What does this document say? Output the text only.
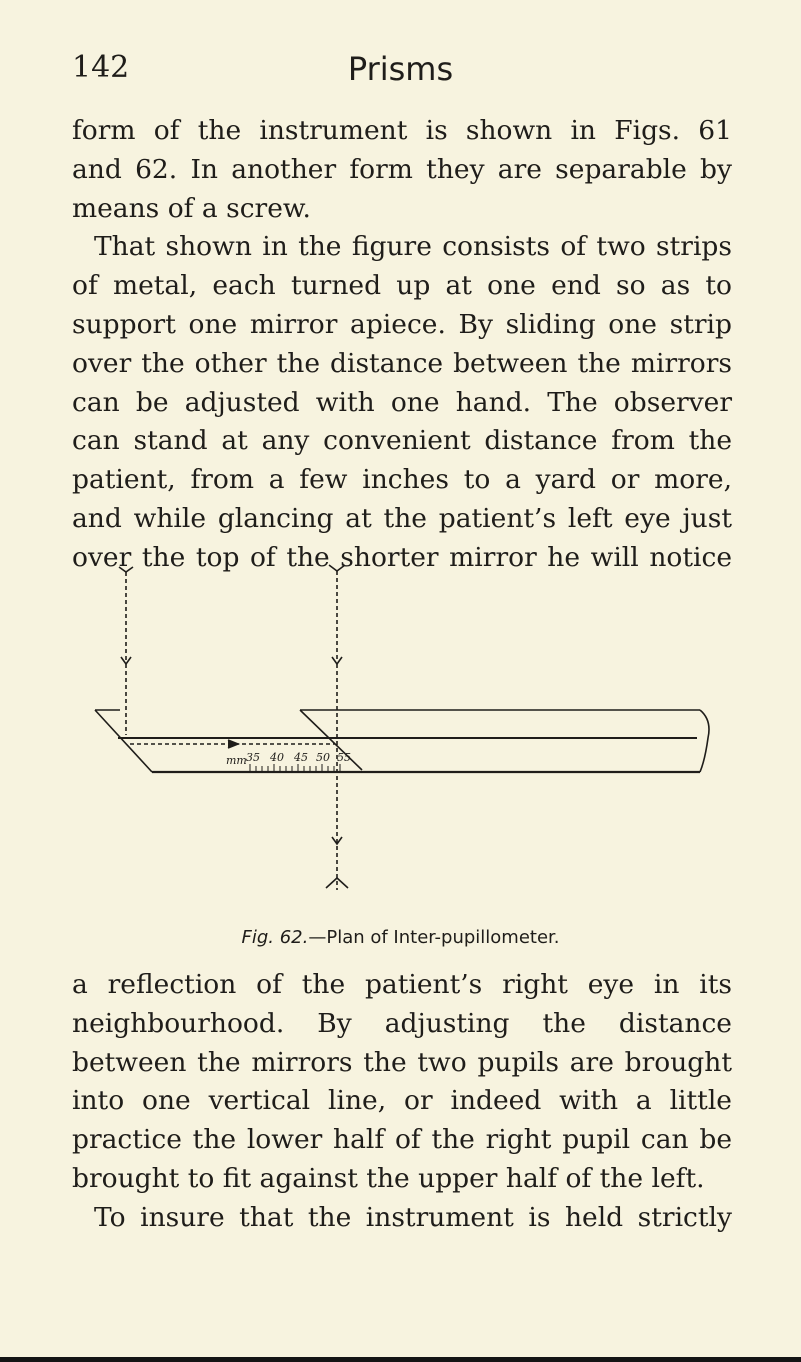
142	Prisms
form of the instrument is shown in Figs. 61
and 62. In another form they are separable by
means of a screw.
That shown in the figure consists of two strips
of metal, each turned up at one end so as to
support one mirror apiece. By sliding one strip
over the other the distance between the mirrors
can be adjusted with one hand. The observer
can stand at any convenient distance from the
patient, from a few inches to a yard or more,
and while glancing at the patient’s left eye just
over the top of the shorter mirror he will notice
mm 35 40 45 50 55
Fig. 62.—Plan of Inter-pupillometer.
a reflection of the patient’s right eye in its
neighbourhood. By adjusting the distance
between the mirrors the two pupils are brought
into one vertical line, or indeed with a little
practice the lower half of the right pupil can be
brought to fit against the upper half of the left.
To insure that the instrument is held strictly
